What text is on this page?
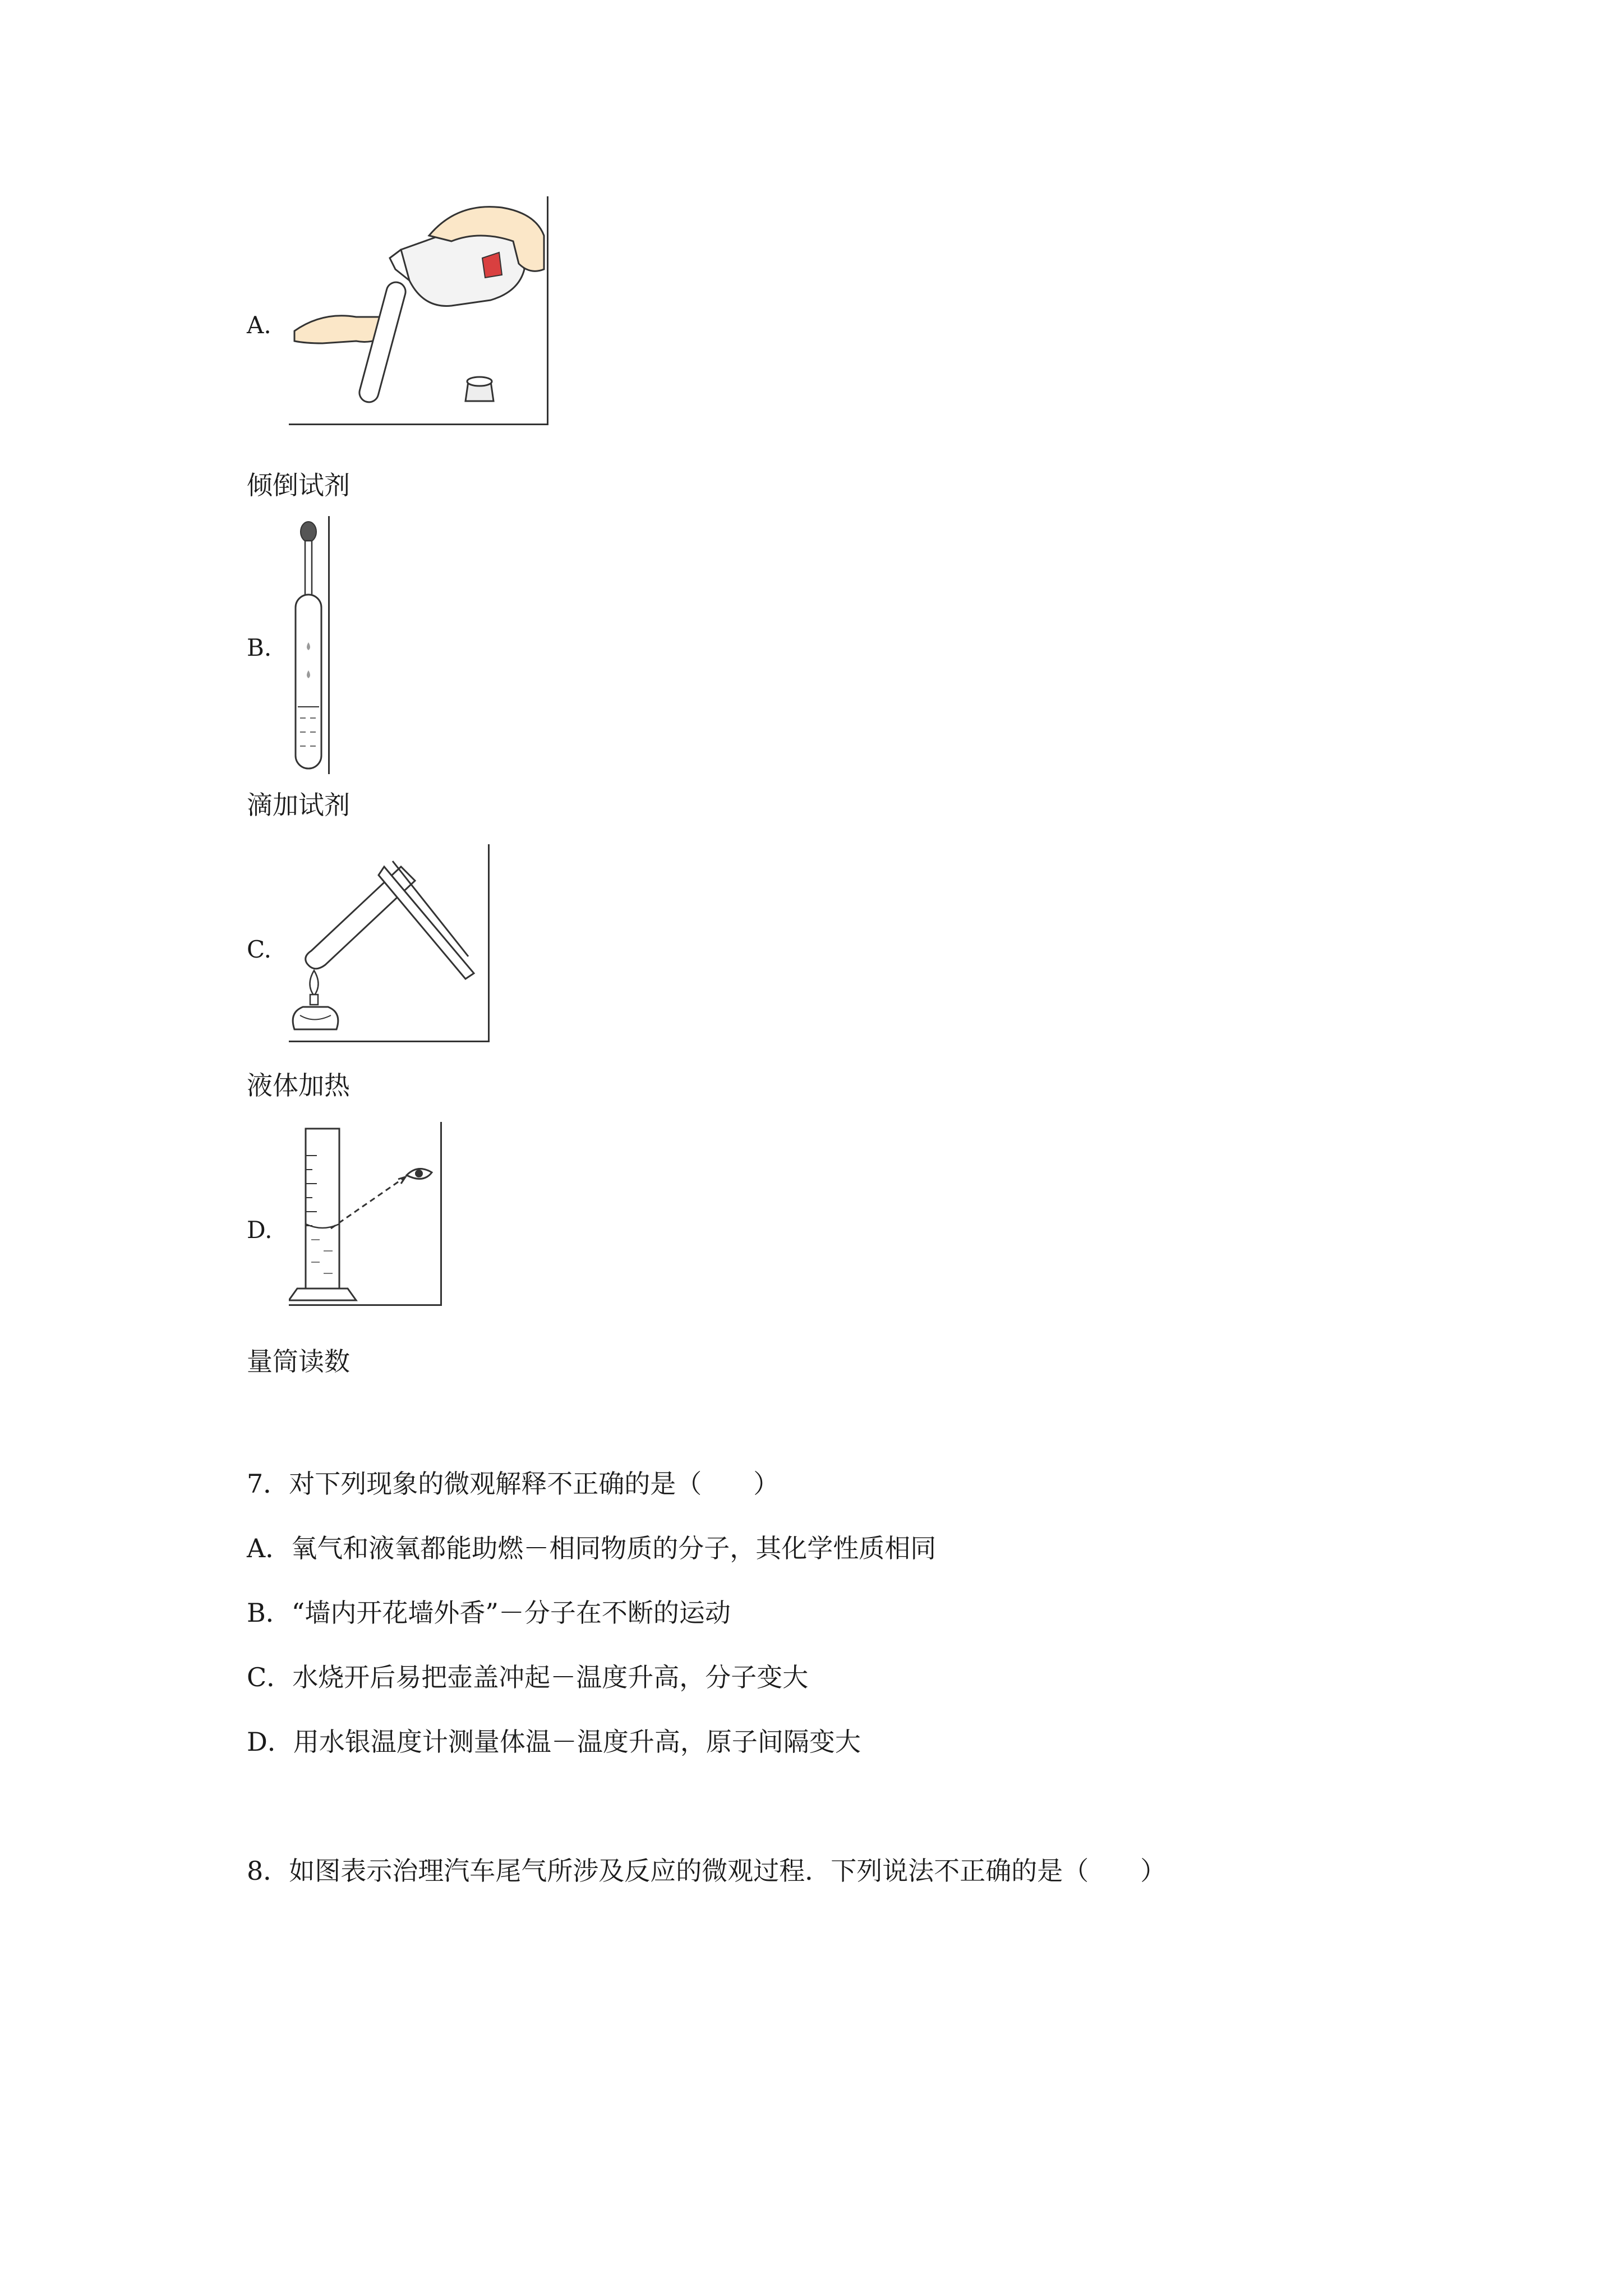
A.
倾倒试剂
B.
滴加试剂
C.
液体加热
D.
量筒读数
7．对下列现象的微观解释不正确的是（　　）
A．氧气和液氧都能助燃－相同物质的分子，其化学性质相同
B．“墙内开花墙外香”－分子在不断的运动
C．水烧开后易把壶盖冲起－温度升高，分子变大
D．用水银温度计测量体温－温度升高，原子间隔变大
8．如图表示治理汽车尾气所涉及反应的微观过程．下列说法不正确的是（　　）
